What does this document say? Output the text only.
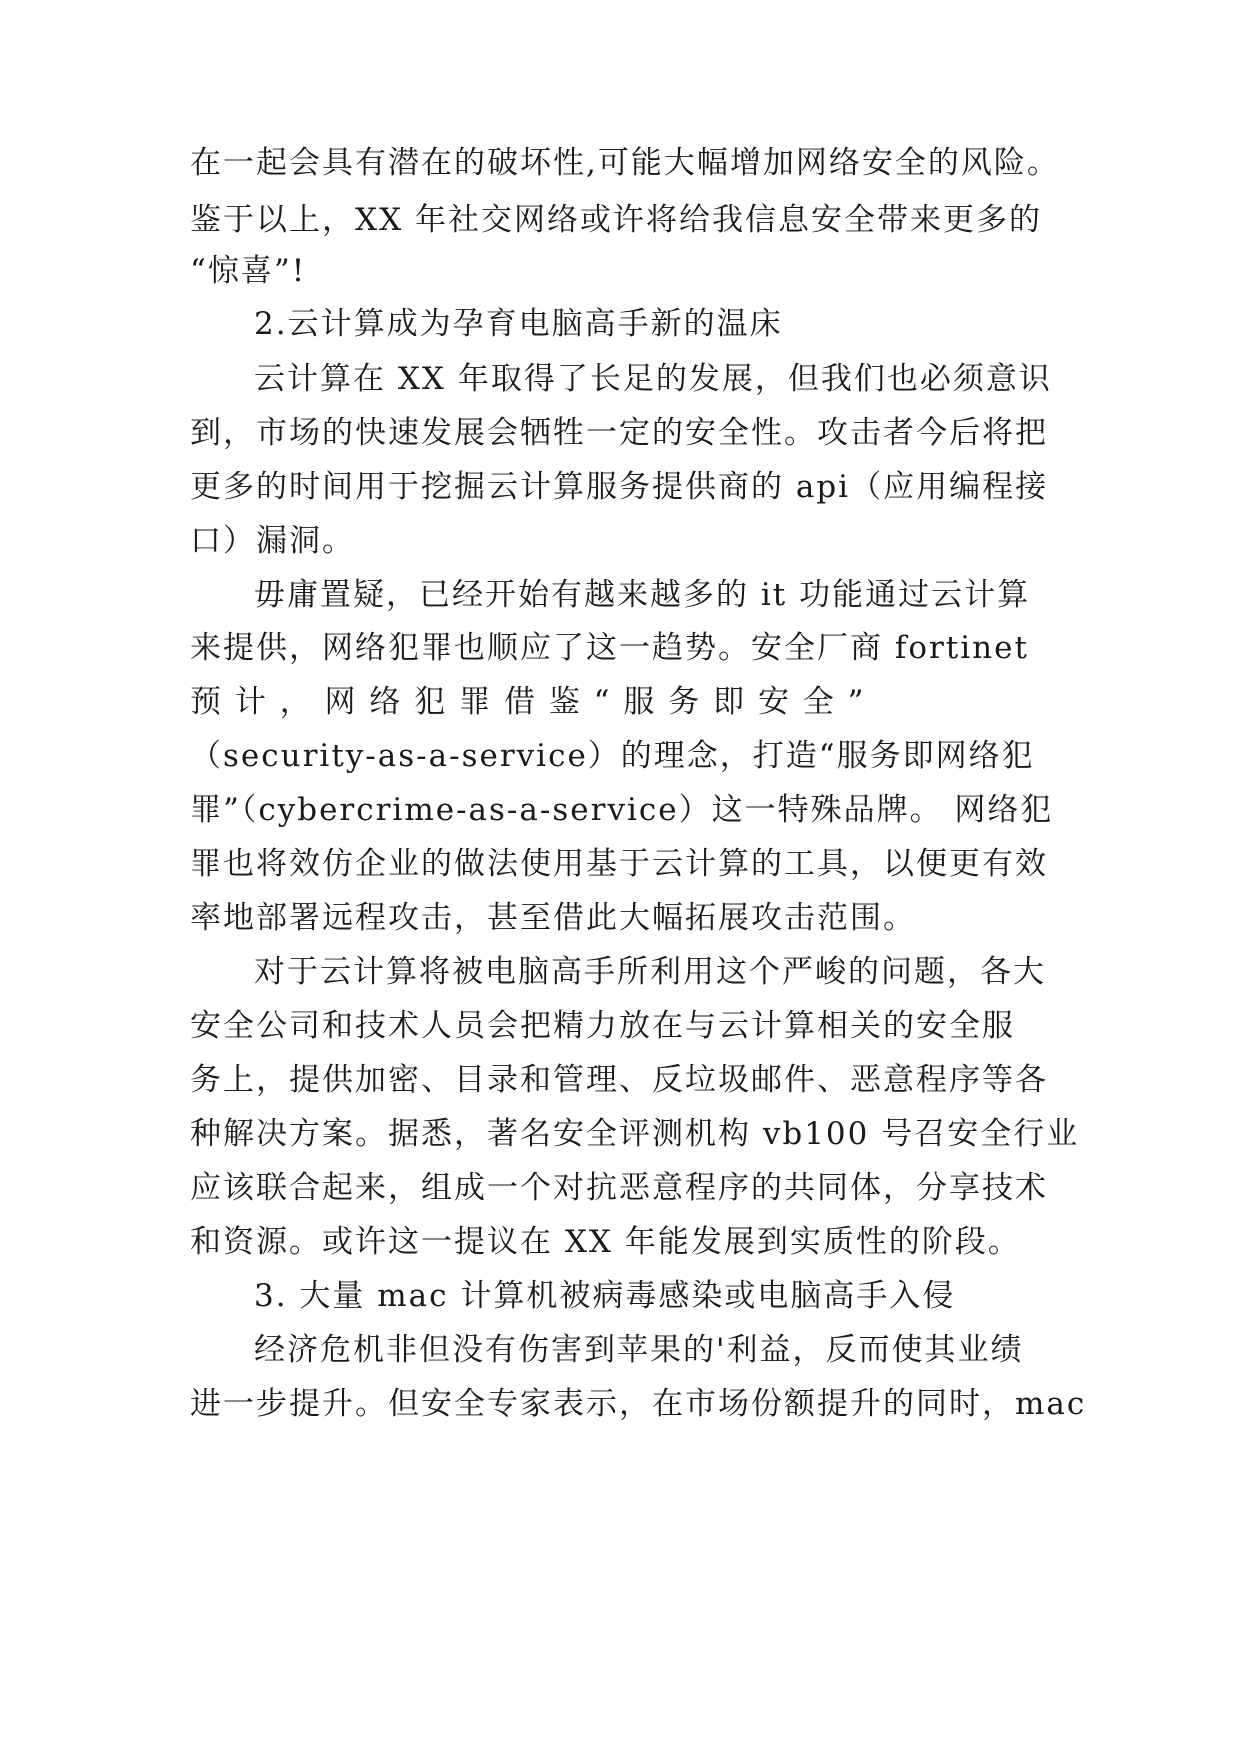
在一起会具有潜在的破坏性,可能大幅增加网络安全的风险。
鉴于以上，XX 年社交网络或许将给我信息安全带来更多的
“惊喜”!
2.云计算成为孕育电脑高手新的温床
云计算在 XX 年取得了长足的发展，但我们也必须意识
到，市场的快速发展会牺牲一定的安全性。攻击者今后将把
更多的时间用于挖掘云计算服务提供商的 api（应用编程接
口）漏洞。
毋庸置疑，已经开始有越来越多的 it 功能通过云计算
来提供，网络犯罪也顺应了这一趋势。安全厂商 fortinet
预 计 ， 网 络 犯 罪 借 鉴 “ 服 务 即 安 全 ”
（security-as-a-service）的理念，打造“服务即网络犯
罪”（cybercrime-as-a-service）这一特殊品牌。 网络犯
罪也将效仿企业的做法使用基于云计算的工具，以便更有效
率地部署远程攻击，甚至借此大幅拓展攻击范围。
对于云计算将被电脑高手所利用这个严峻的问题，各大
安全公司和技术人员会把精力放在与云计算相关的安全服
务上，提供加密、目录和管理、反垃圾邮件、恶意程序等各
种解决方案。据悉，著名安全评测机构 vb100 号召安全行业
应该联合起来，组成一个对抗恶意程序的共同体，分享技术
和资源。或许这一提议在 XX 年能发展到实质性的阶段。
3. 大量 mac 计算机被病毒感染或电脑高手入侵
经济危机非但没有伤害到苹果的'利益，反而使其业绩
进一步提升。但安全专家表示，在市场份额提升的同时，mac
